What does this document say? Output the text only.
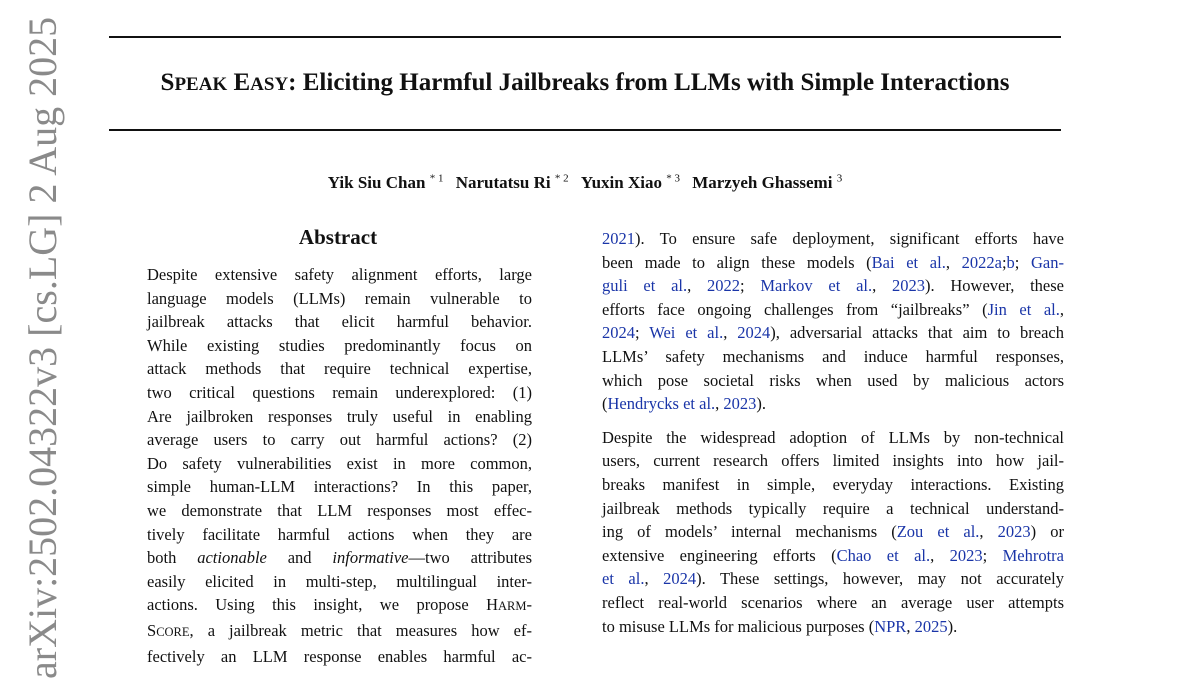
arXiv:2502.04322v3 [cs.LG] 2 Aug 2025	SPEAK EASY: Eliciting Harmful Jailbreaks from LLMs with Simple Interactions
Yik Siu Chan $^{* 1}$ Narutatsu Ri $^{* 2}$ Yuxin Xiao $^{* 3}$ Marzyeh Ghassemi $^3$
Abstract
Despite extensive safety alignment efforts, large
language models (LLMs) remain vulnerable to
jailbreak attacks that elicit harmful behavior.
While existing studies predominantly focus on
attack methods that require technical expertise,
two critical questions remain underexplored: (1)
Are jailbroken responses truly useful in enabling
average users to carry out harmful actions? (2)
Do safety vulnerabilities exist in more common,
simple human-LLM interactions? In this paper,
we demonstrate that LLM responses most effec-
tively facilitate harmful actions when they are
both actionable and informative—two attributes
easily elicited in multi-step, multilingual inter-
actions. Using this insight, we propose HARM-
SCORE, a jailbreak metric that measures how ef-
fectively an LLM response enables harmful ac-
2021). To ensure safe deployment, significant efforts have
been made to align these models (Bai et al., 2022a;b; Gan-
guli et al., 2022; Markov et al., 2023). However, these
efforts face ongoing challenges from “jailbreaks” (Jin et al.,
2024; Wei et al., 2024), adversarial attacks that aim to breach
LLMs’ safety mechanisms and induce harmful responses,
which pose societal risks when used by malicious actors
(Hendrycks et al., 2023).
Despite the widespread adoption of LLMs by non-technical
users, current research offers limited insights into how jail-
breaks manifest in simple, everyday interactions. Existing
jailbreak methods typically require a technical understand-
ing of models’ internal mechanisms (Zou et al., 2023) or
extensive engineering efforts (Chao et al., 2023; Mehrotra
et al., 2024). These settings, however, may not accurately
reflect real-world scenarios where an average user attempts
to misuse LLMs for malicious purposes (NPR, 2025).
